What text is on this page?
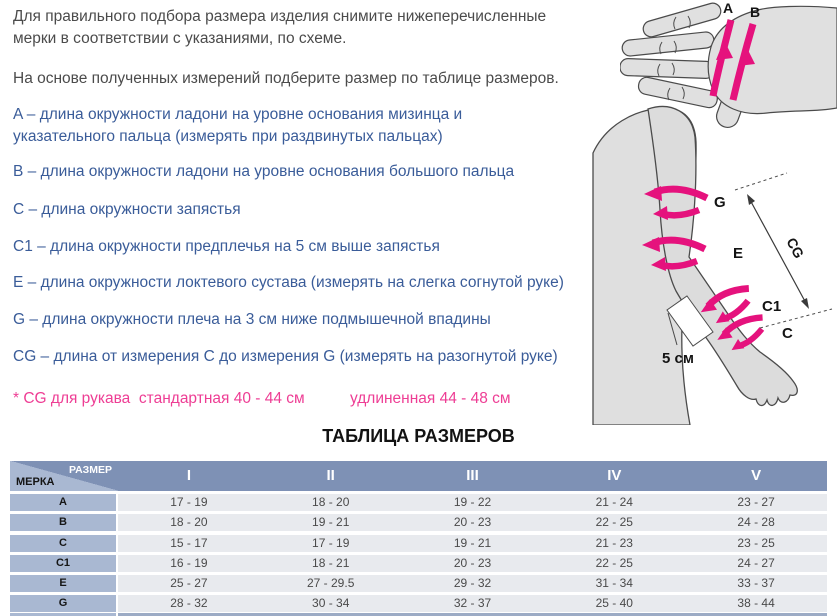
Для правильного подбора размера изделия снимите нижеперечисленные
мерки в соответствии с указаниями, по схеме.
На основе полученных измерений подберите размер по таблице размеров.
A – длина окружности ладони на уровне основания мизинца и
указательного пальца (измерять при раздвинутых пальцах)
B – длина окружности ладони на уровне основания большого пальца
C – длина окружности запястья
C1 – длина окружности предплечья на 5 см выше запястья
E – длина окружности локтевого сустава (измерять на слегка согнутой руке)
G – длина окружности плеча на 3 см ниже подмышечной впадины
CG – длина от измерения C до измерения G (измерять на разогнутой руке)
* CG для рукава  стандартная 40 - 44 см	удлиненная 44 - 48 см
A B
G
E
C1
C
CG
5 см
ТАБЛИЦА РАЗМЕРОВ
РАЗМЕР
МЕРКА	I	II	III	IV	V
A	17 - 19	18 - 20	19 - 22	21 - 24	23 - 27
B	18 - 20	19 - 21	20 - 23	22 - 25	24 - 28
C	15 - 17	17 - 19	19 - 21	21 - 23	23 - 25
C1	16 - 19	18 - 21	20 - 23	22 - 25	24 - 27
E	25 - 27	27 - 29.5	29 - 32	31 - 34	33 - 37
G	28 - 32	30 - 34	32 - 37	25 - 40	38 - 44
